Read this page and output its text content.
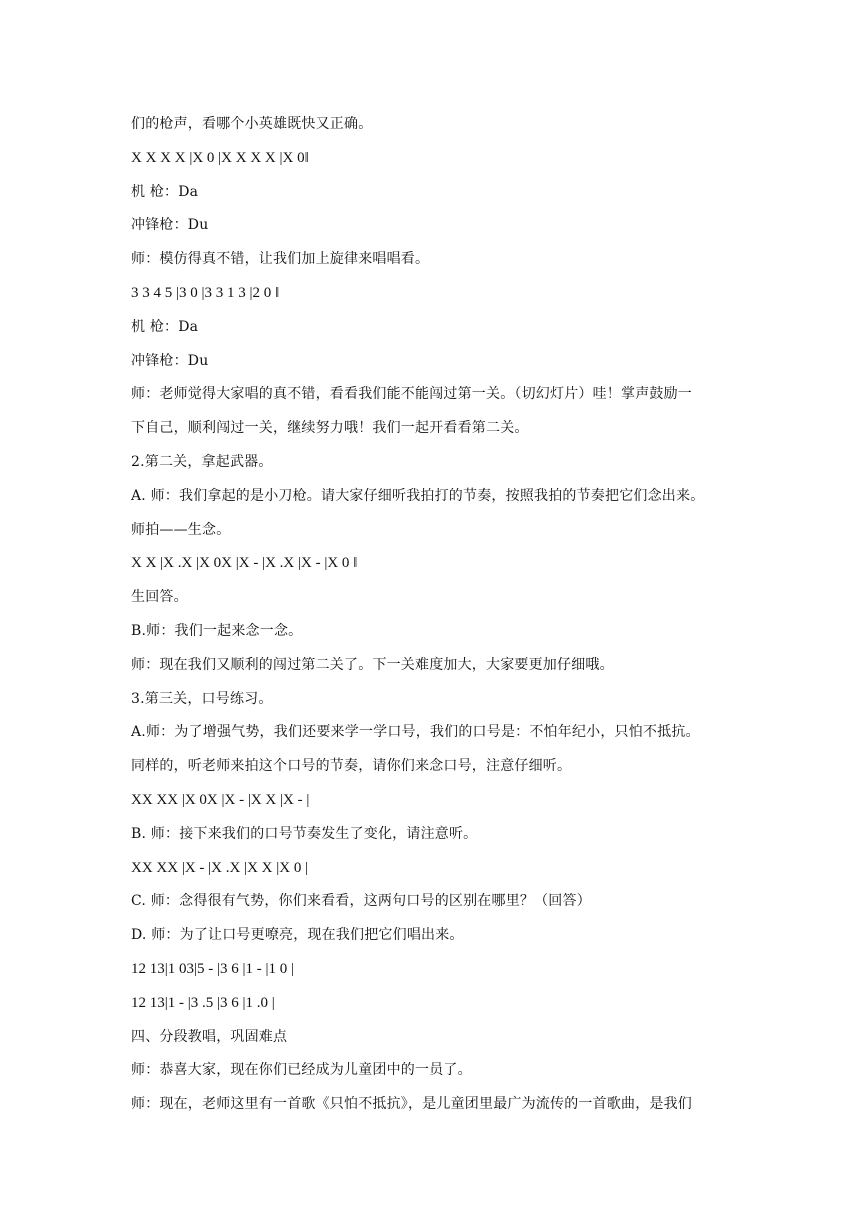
们的枪声，看哪个小英雄既快又正确。
X X X X |X 0 |X X X X |X 0‖
机 枪：Da
冲锋枪：Du
师：模仿得真不错，让我们加上旋律来唱唱看。
3 3 4 5 |3 0 |3 3 1 3 |2 0 ‖
机 枪：Da
冲锋枪：Du
师：老师觉得大家唱的真不错，看看我们能不能闯过第一关。（切幻灯片）哇！掌声鼓励一
下自己，顺利闯过一关，继续努力哦！我们一起开看看第二关。
2.第二关，拿起武器。
A. 师：我们拿起的是小刀枪。请大家仔细听我拍打的节奏，按照我拍的节奏把它们念出来。
师拍——生念。
X X |X .X |X 0X |X - |X .X |X - |X 0 ‖
生回答。
B.师：我们一起来念一念。
师：现在我们又顺利的闯过第二关了。下一关难度加大，大家要更加仔细哦。
3.第三关，口号练习。
A.师：为了增强气势，我们还要来学一学口号，我们的口号是：不怕年纪小，只怕不抵抗。
同样的，听老师来拍这个口号的节奏，请你们来念口号，注意仔细听。
XX XX |X 0X |X - |X X |X - |
B. 师：接下来我们的口号节奏发生了变化，请注意听。
XX XX |X - |X .X |X X |X 0 |
C. 师：念得很有气势，你们来看看，这两句口号的区别在哪里？（回答）
D. 师：为了让口号更嘹亮，现在我们把它们唱出来。
12 13|1 03|5 - |3 6 |1 - |1 0 |
12 13|1 - |3 .5 |3 6 |1 .0 |
四、分段教唱，巩固难点
师：恭喜大家，现在你们已经成为儿童团中的一员了。
师：现在，老师这里有一首歌《只怕不抵抗》，是儿童团里最广为流传的一首歌曲，是我们
